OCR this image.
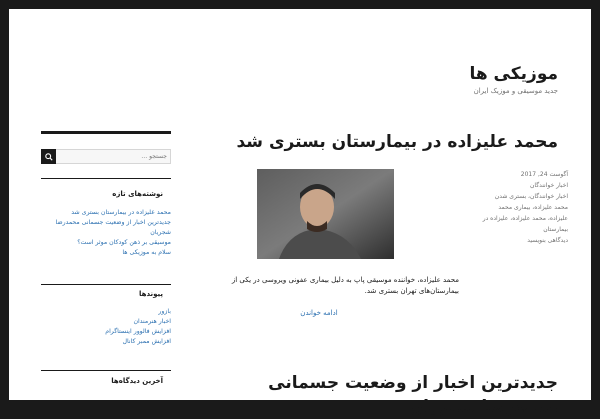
موزیکی ها

جدید موسیقی و موزیک ایران

جستجو …
نوشته‌های تازه
محمد علیزاده در بیمارستان بستری شد
جدیدترین اخبار از وضعیت جسمانی محمدرضا شجریان
موسیقی بر ذهن کودکان موثر است؟
سلام به موزیکی ها
پیوندها
بازور
اخبار هنرمندان
افزایش فالوور اینستاگرام
افزایش ممبر کانال
آخرین دیدگاه‌ها
محمد علیزاده در بیمارستان بستری شد
آگوست 24, 2017
اخبار خوانندگان
اخبار خوانندگان، بستری شدن محمد علیزاده، بیماری محمد علیزاده، محمد علیزاده، علیزاده در بیمارستان
دیدگاهی بنویسید

محمد علیزاده، خواننده موسیقی پاپ به دلیل بیماری عفونی ویروسی در یکی از بیمارستان‌های تهران بستری شد.

ادامه خواندن
جدیدترین اخبار از وضعیت جسمانی محمدرضا شجریان
